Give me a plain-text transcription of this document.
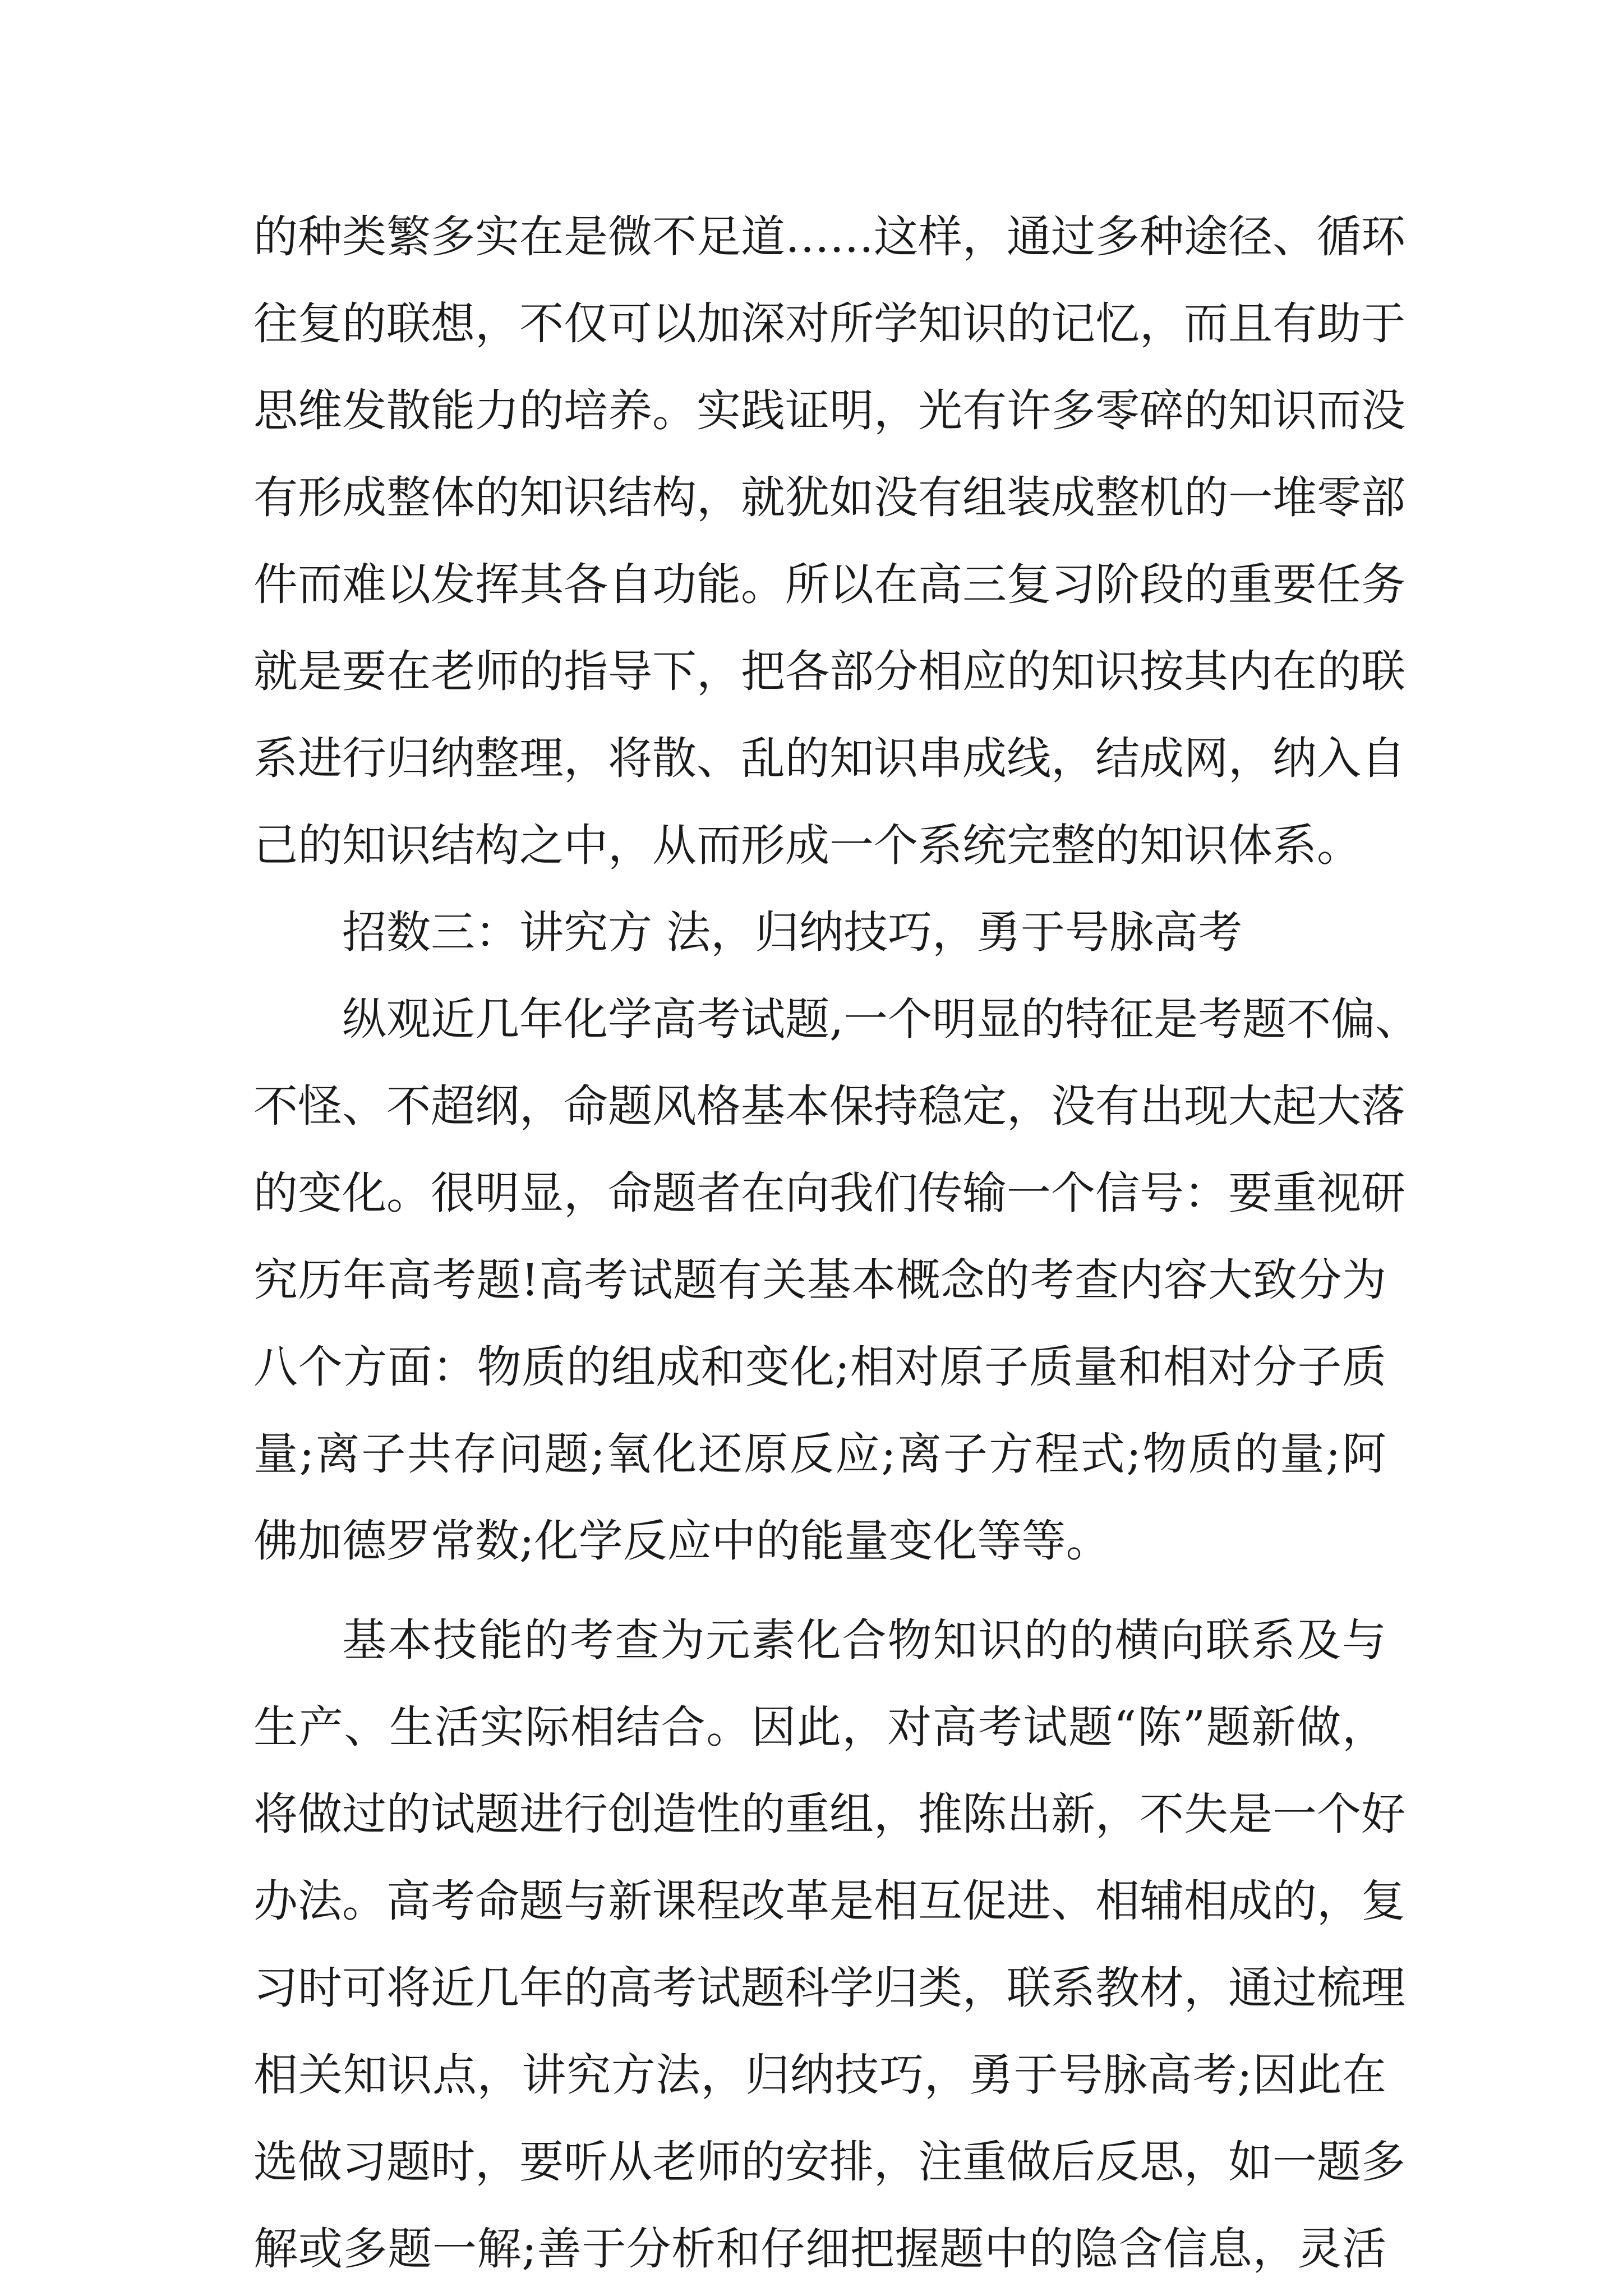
的种类繁多实在是微不足道……这样，通过多种途径、循环
往复的联想，不仅可以加深对所学知识的记忆，而且有助于
思维发散能力的培养。实践证明，光有许多零碎的知识而没
有形成整体的知识结构，就犹如没有组装成整机的一堆零部
件而难以发挥其各自功能。所以在高三复习阶段的重要任务
就是要在老师的指导下，把各部分相应的知识按其内在的联
系进行归纳整理，将散、乱的知识串成线，结成网，纳入自
己的知识结构之中，从而形成一个系统完整的知识体系。
招数三：讲究方 法，归纳技巧，勇于号脉高考
纵观近几年化学高考试题,一个明显的特征是考题不偏、
不怪、不超纲，命题风格基本保持稳定，没有出现大起大落
的变化。很明显，命题者在向我们传输一个信号：要重视研
究历年高考题!高考试题有关基本概念的考查内容大致分为
八个方面：物质的组成和变化;相对原子质量和相对分子质
量;离子共存问题;氧化还原反应;离子方程式;物质的量;阿
佛加德罗常数;化学反应中的能量变化等等。
基本技能的考查为元素化合物知识的的横向联系及与
生产、生活实际相结合。因此，对高考试题“陈”题新做，
将做过的试题进行创造性的重组，推陈出新，不失是一个好
办法。高考命题与新课程改革是相互促进、相辅相成的，复
习时可将近几年的高考试题科学归类，联系教材，通过梳理
相关知识点，讲究方法，归纳技巧，勇于号脉高考;因此在
选做习题时，要听从老师的安排，注重做后反思，如一题多
解或多题一解;善于分析和仔细把握题中的隐含信息，灵活
